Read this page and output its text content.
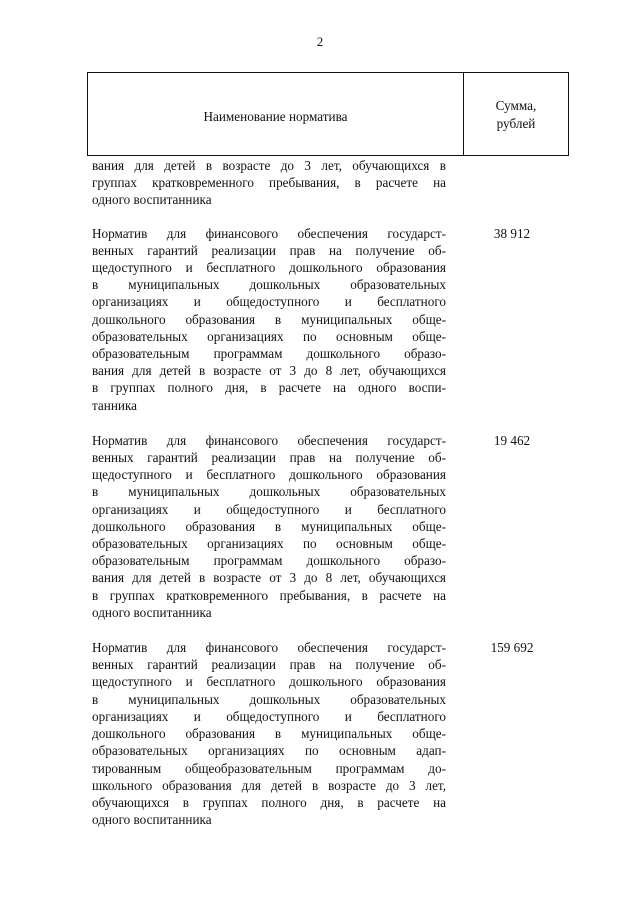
2
Наименование норматива
Сумма,
рублей
вания для детей в возрасте до 3 лет, обучающихся в
группах кратковременного пребывания, в расчете на
одного воспитанника
Норматив для финансового обеспечения государст-
венных гарантий реализации прав на получение об-
щедоступного и бесплатного дошкольного образования
в муниципальных дошкольных образовательных
организациях и общедоступного и бесплатного
дошкольного образования в муниципальных обще-
образовательных организациях по основным обще-
образовательным программам дошкольного образо-
вания для детей в возрасте от 3 до 8 лет, обучающихся
в группах полного дня, в расчете на одного воспи-
танника
38 912
Норматив для финансового обеспечения государст-
венных гарантий реализации прав на получение об-
щедоступного и бесплатного дошкольного образования
в муниципальных дошкольных образовательных
организациях и общедоступного и бесплатного
дошкольного образования в муниципальных обще-
образовательных организациях по основным обще-
образовательным программам дошкольного образо-
вания для детей в возрасте от 3 до 8 лет, обучающихся
в группах кратковременного пребывания, в расчете на
одного воспитанника
19 462
Норматив для финансового обеспечения государст-
венных гарантий реализации прав на получение об-
щедоступного и бесплатного дошкольного образования
в муниципальных дошкольных образовательных
организациях и общедоступного и бесплатного
дошкольного образования в муниципальных обще-
образовательных организациях по основным адап-
тированным общеобразовательным программам до-
школьного образования для детей в возрасте до 3 лет,
обучающихся в группах полного дня, в расчете на
одного воспитанника
159 692
